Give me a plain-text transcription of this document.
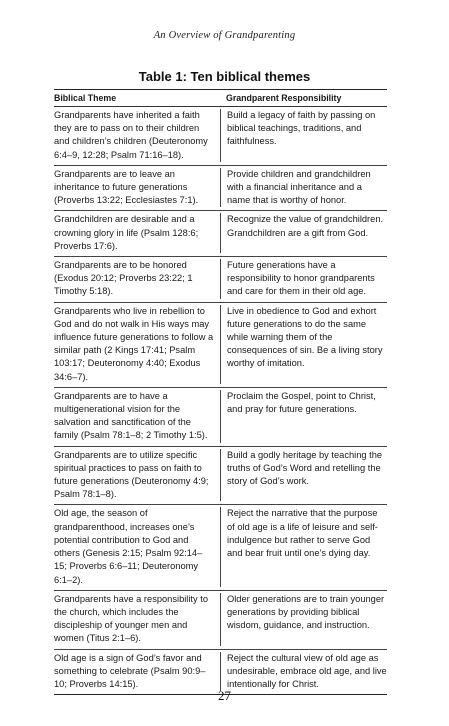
An Overview of Grandparenting
Table 1: Ten biblical themes
Biblical Theme	Grandparent Responsibility
Grandparents have inherited a faith they are to pass on to their children and children’s children (Deuteronomy 6:4–9, 12:28; Psalm 71:16–18).
Build a legacy of faith by passing on biblical teachings, traditions, and faithfulness.
Grandparents are to leave an inheritance to future generations (Proverbs 13:22; Ecclesiastes 7:1).
Provide children and grandchildren with a financial inheritance and a name that is worthy of honor.
Grandchildren are desirable and a crowning glory in life (Psalm 128:6; Proverbs 17:6).
Recognize the value of grandchildren. Grandchildren are a gift from God.
Grandparents are to be honored (Exodus 20:12; Proverbs 23:22; 1 Timothy 5:18).
Future generations have a responsibility to honor grandparents and care for them in their old age.
Grandparents who live in rebellion to God and do not walk in His ways may influence future generations to follow a similar path (2 Kings 17:41; Psalm 103:17; Deuteronomy 4:40; Exodus 34:6–7).
Live in obedience to God and exhort future generations to do the same while warning them of the consequences of sin. Be a living story worthy of imitation.
Grandparents are to have a multigenerational vision for the salvation and sanctification of the family (Psalm 78:1–8; 2 Timothy 1:5).
Proclaim the Gospel, point to Christ, and pray for future generations.
Grandparents are to utilize specific spiritual practices to pass on faith to future generations (Deuteronomy 4:9; Psalm 78:1–8).
Build a godly heritage by teaching the truths of God’s Word and retelling the story of God’s work.
Old age, the season of grandparenthood, increases one’s potential contribution to God and others (Genesis 2:15; Psalm 92:14–15; Proverbs 6:6–11; Deuteronomy 6:1–2).
Reject the narrative that the purpose of old age is a life of leisure and self-indulgence but rather to serve God and bear fruit until one’s dying day.
Grandparents have a responsibility to the church, which includes the discipleship of younger men and women (Titus 2:1–6).
Older generations are to train younger generations by providing biblical wisdom, guidance, and instruction.
Old age is a sign of God’s favor and something to celebrate (Psalm 90:9–10; Proverbs 14:15).
Reject the cultural view of old age as undesirable, embrace old age, and live intentionally for Christ.
27
